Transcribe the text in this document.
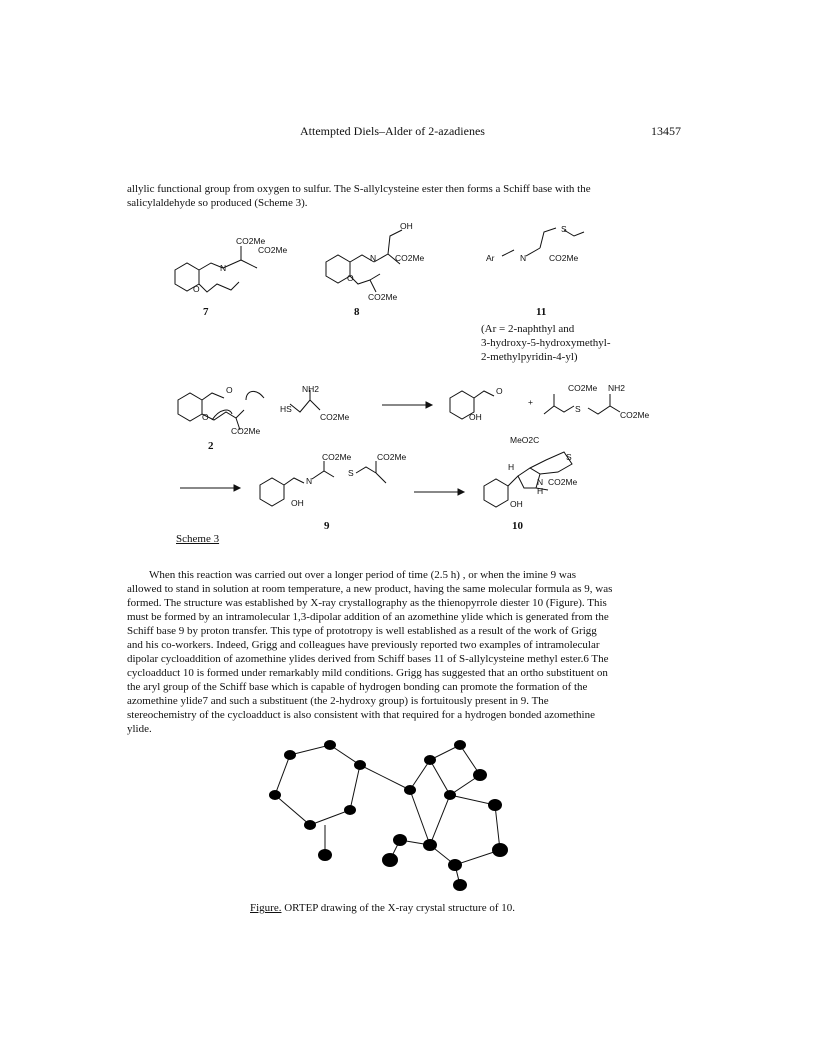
Attempted Diels–Alder of 2-azadienes	13457
allylic functional group from oxygen to sulfur. The S-allylcysteine ester then forms a Schiff base with the
salicylaldehyde so produced (Scheme 3).
CO2Me
CO2Me
N
O
7
OH
N CO2Me
O
CO2Me
8
S
Ar	N	CO2Me
11
(Ar = 2-naphthyl and
3-hydroxy-5-hydroxymethyl-
2-methylpyridin-4-yl)
O
O
HS
NH2
CO2Me
CO2Me
2
O
OH
+
CO2Me NH2
S
CO2Me
CO2Me	CO2Me
N
S
OH
9
MeO2C
S
H
N
H
CO2Me
OH
10
Scheme 3
When this reaction was carried out over a longer period of time (2.5 h) , or when the imine 9 was
allowed to stand in solution at room temperature, a new product, having the same molecular formula as 9, was
formed. The structure was established by X-ray crystallography as the thienopyrrole diester 10 (Figure). This
must be formed by an intramolecular 1,3-dipolar addition of an azomethine ylide which is generated from the
Schiff base 9 by proton transfer. This type of prototropy is well established as a result of the work of Grigg
and his co-workers. Indeed, Grigg and colleagues have previously reported two examples of intramolecular
dipolar cycloaddition of azomethine ylides derived from Schiff bases 11 of S-allylcysteine methyl ester.6 The
cycloadduct 10 is formed under remarkably mild conditions. Grigg has suggested that an ortho substituent on
the aryl group of the Schiff base which is capable of hydrogen bonding can promote the formation of the
azomethine ylide7 and such a substituent (the 2-hydroxy group) is fortuitously present in 9. The
stereochemistry of the cycloadduct is also consistent with that required for a hydrogen bonded azomethine
ylide.
Figure. ORTEP drawing of the X-ray crystal structure of 10.
